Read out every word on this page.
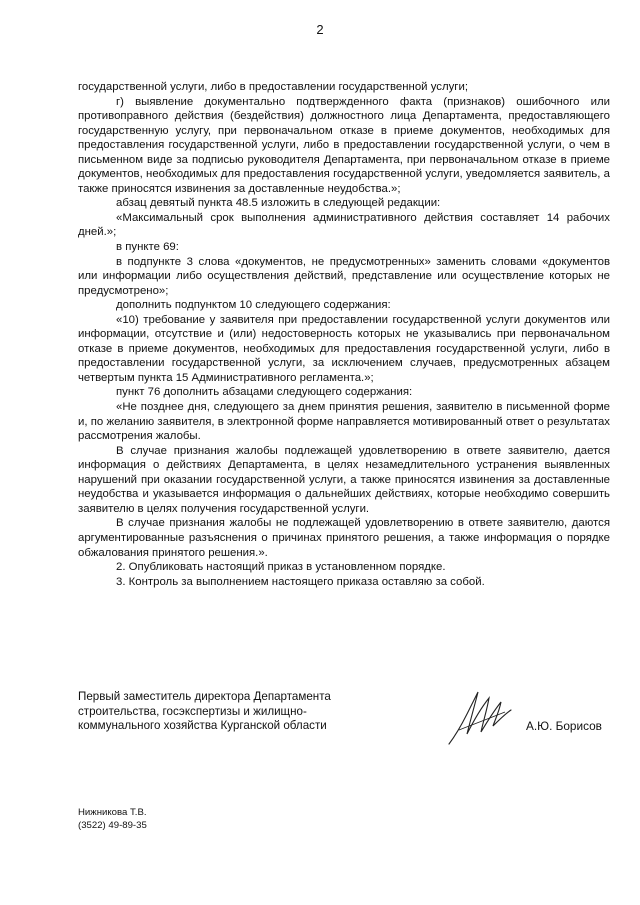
2

государственной услуги, либо в предоставлении государственной услуги;

г) выявление документально подтвержденного факта (признаков) ошибочного или противоправного действия (бездействия) должностного лица Департамента, предоставляющего государственную услугу, при первоначальном отказе в приеме документов, необходимых для предоставления государственной услуги, либо в предоставлении государственной услуги, о чем в письменном виде за подписью руководителя Департамента, при первоначальном отказе в приеме документов, необходимых для предоставления государственной услуги, уведомляется заявитель, а также приносятся извинения за доставленные неудобства.»;

абзац девятый пункта 48.5 изложить в следующей редакции:

«Максимальный срок выполнения административного действия составляет 14 рабочих дней.»;

в пункте 69:

в подпункте 3 слова «документов, не предусмотренных» заменить словами «документов или информации либо осуществления действий, представление или осуществление которых не предусмотрено»;

дополнить подпунктом 10 следующего содержания:

«10) требование у заявителя при предоставлении государственной услуги документов или информации, отсутствие и (или) недостоверность которых не указывались при первоначальном отказе в приеме документов, необходимых для предоставления государственной услуги, либо в предоставлении государственной услуги, за исключением случаев, предусмотренных абзацем четвертым пункта 15 Административного регламента.»;

пункт 76 дополнить абзацами следующего содержания:

«Не позднее дня, следующего за днем принятия решения, заявителю в письменной форме и, по желанию заявителя, в электронной форме направляется мотивированный ответ о результатах рассмотрения жалобы.

В случае признания жалобы подлежащей удовлетворению в ответе заявителю, дается информация о действиях Департамента, в целях незамедлительного устранения выявленных нарушений при оказании государственной услуги, а также приносятся извинения за доставленные неудобства и указывается информация о дальнейших действиях, которые необходимо совершить заявителю в целях получения государственной услуги.

В случае признания жалобы не подлежащей удовлетворению в ответе заявителю, даются аргументированные разъяснения о причинах принятого решения, а также информация о порядке обжалования принятого решения.».

2. Опубликовать настоящий приказ в установленном порядке.

3. Контроль за выполнением настоящего приказа оставляю за собой.

Первый заместитель директора Департамента
строительства, госэкспертизы и жилищно-
коммунального хозяйства Курганской области	А.Ю. Борисов
Нижникова Т.В.
(3522) 49-89-35
